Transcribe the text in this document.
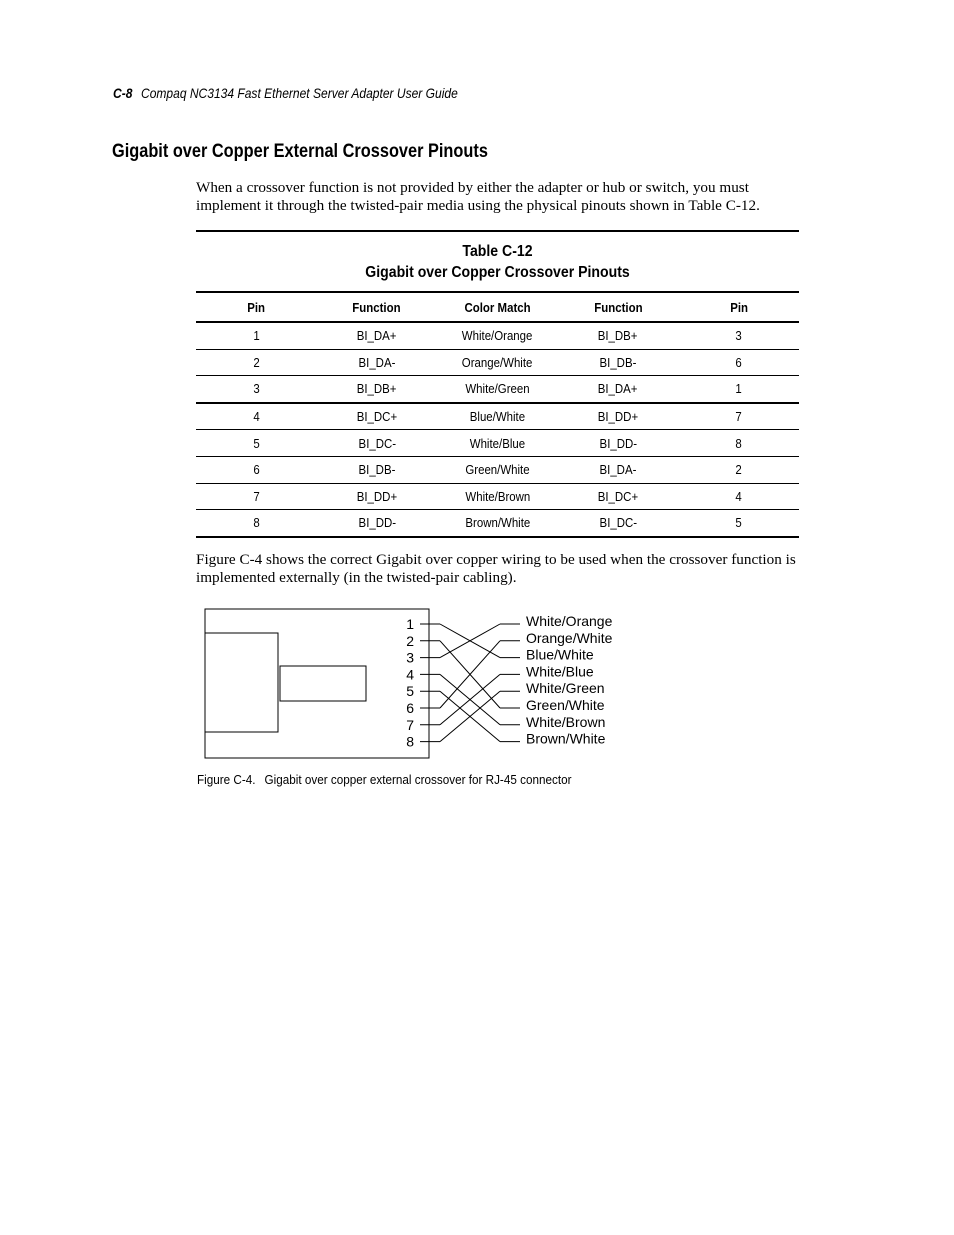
C-8 Compaq NC3134 Fast Ethernet Server Adapter User Guide
Gigabit over Copper External Crossover Pinouts
When a crossover function is not provided by either the adapter or hub or switch, you must implement it through the twisted-pair media using the physical pinouts shown in Table C-12.
Table C-12
Gigabit over Copper Crossover Pinouts
Pin	Function	Color Match	Function	Pin
1	BI_DA+	White/Orange	BI_DB+	3
2	BI_DA-	Orange/White	BI_DB-	6
3	BI_DB+	White/Green	BI_DA+	1
4	BI_DC+	Blue/White	BI_DD+	7
5	BI_DC-	White/Blue	BI_DD-	8
6	BI_DB-	Green/White	BI_DA-	2
7	BI_DD+	White/Brown	BI_DC+	4
8	BI_DD-	Brown/White	BI_DC-	5
Figure C-4 shows the correct Gigabit over copper wiring to be used when the crossover function is implemented externally (in the twisted-pair cabling).
1
2
3
4
5
6
7
8
White/Orange
Orange/White
Blue/White
White/Blue
White/Green
Green/White
White/Brown
Brown/White
Figure C-4. Gigabit over copper external crossover for RJ-45 connector
